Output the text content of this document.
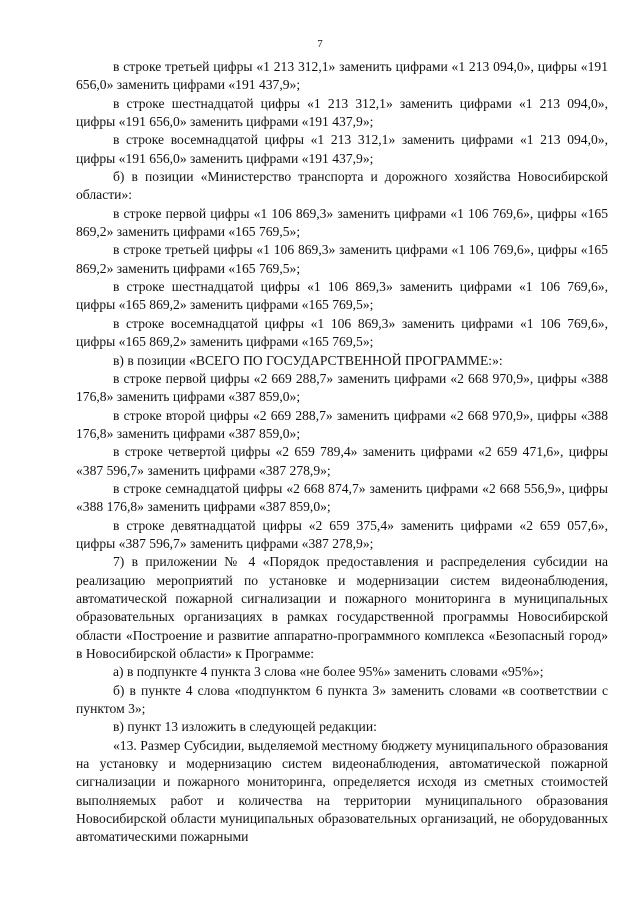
7

в строке третьей цифры «1 213 312,1» заменить цифрами «1 213 094,0», цифры «191 656,0» заменить цифрами «191 437,9»;

в строке шестнадцатой цифры «1 213 312,1» заменить цифрами «1 213 094,0», цифры «191 656,0» заменить цифрами «191 437,9»;

в строке восемнадцатой цифры «1 213 312,1» заменить цифрами «1 213 094,0», цифры «191 656,0» заменить цифрами «191 437,9»;

б) в позиции «Министерство транспорта и дорожного хозяйства Новосибирской области»:

в строке первой цифры «1 106 869,3» заменить цифрами «1 106 769,6», цифры «165 869,2» заменить цифрами «165 769,5»;

в строке третьей цифры «1 106 869,3» заменить цифрами «1 106 769,6», цифры «165 869,2» заменить цифрами «165 769,5»;

в строке шестнадцатой цифры «1 106 869,3» заменить цифрами «1 106 769,6», цифры «165 869,2» заменить цифрами «165 769,5»;

в строке восемнадцатой цифры «1 106 869,3» заменить цифрами «1 106 769,6», цифры «165 869,2» заменить цифрами «165 769,5»;

в) в позиции «ВСЕГО ПО ГОСУДАРСТВЕННОЙ ПРОГРАММЕ:»:

в строке первой цифры «2 669 288,7» заменить цифрами «2 668 970,9», цифры «388 176,8» заменить цифрами «387 859,0»;

в строке второй цифры «2 669 288,7» заменить цифрами «2 668 970,9», цифры «388 176,8» заменить цифрами «387 859,0»;

в строке четвертой цифры «2 659 789,4» заменить цифрами «2 659 471,6», цифры «387 596,7» заменить цифрами «387 278,9»;

в строке семнадцатой цифры «2 668 874,7» заменить цифрами «2 668 556,9», цифры «388 176,8» заменить цифрами «387 859,0»;

в строке девятнадцатой цифры «2 659 375,4» заменить цифрами «2 659 057,6», цифры «387 596,7» заменить цифрами «387 278,9»;

7) в приложении № 4 «Порядок предоставления и распределения субсидии на реализацию мероприятий по установке и модернизации систем видеонаблюдения, автоматической пожарной сигнализации и пожарного мониторинга в муниципальных образовательных организациях в рамках государственной программы Новосибирской области «Построение и развитие аппаратно-программного комплекса «Безопасный город» в Новосибирской области» к Программе:

а) в подпункте 4 пункта 3 слова «не более 95%» заменить словами «95%»;

б) в пункте 4 слова «подпунктом 6 пункта 3» заменить словами «в соответствии с пунктом 3»;

в) пункт 13 изложить в следующей редакции:

«13. Размер Субсидии, выделяемой местному бюджету муниципального образования на установку и модернизацию систем видеонаблюдения, автоматической пожарной сигнализации и пожарного мониторинга, определяется исходя из сметных стоимостей выполняемых работ и количества на территории муниципального образования Новосибирской области муниципальных образовательных организаций, не оборудованных автоматическими пожарными
